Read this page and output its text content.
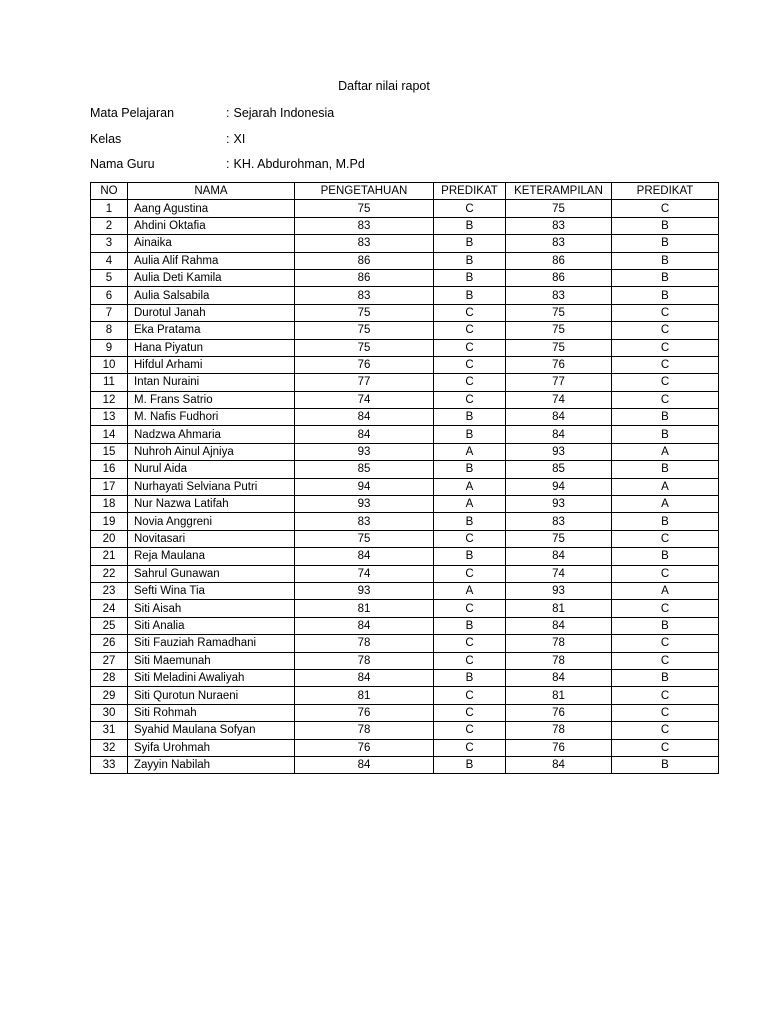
Daftar nilai rapot
Mata Pelajaran	: Sejarah Indonesia
Kelas	: XI
Nama Guru	: KH. Abdurohman, M.Pd
NO	NAMA	PENGETAHUAN	PREDIKAT	KETERAMPILAN	PREDIKAT
1	Aang Agustina	75	C	75	C
2	Ahdini Oktafia	83	B	83	B
3	Ainaika	83	B	83	B
4	Aulia Alif Rahma	86	B	86	B
5	Aulia Deti Kamila	86	B	86	B
6	Aulia Salsabila	83	B	83	B
7	Durotul Janah	75	C	75	C
8	Eka Pratama	75	C	75	C
9	Hana Piyatun	75	C	75	C
10	Hifdul Arhami	76	C	76	C
11	Intan Nuraini	77	C	77	C
12	M. Frans Satrio	74	C	74	C
13	M. Nafis Fudhori	84	B	84	B
14	Nadzwa Ahmaria	84	B	84	B
15	Nuhroh Ainul Ajniya	93	A	93	A
16	Nurul Aida	85	B	85	B
17	Nurhayati Selviana Putri	94	A	94	A
18	Nur Nazwa Latifah	93	A	93	A
19	Novia Anggreni	83	B	83	B
20	Novitasari	75	C	75	C
21	Reja Maulana	84	B	84	B
22	Sahrul Gunawan	74	C	74	C
23	Sefti Wina Tia	93	A	93	A
24	Siti Aisah	81	C	81	C
25	Siti Analia	84	B	84	B
26	Siti Fauziah Ramadhani	78	C	78	C
27	Siti Maemunah	78	C	78	C
28	Siti Meladini Awaliyah	84	B	84	B
29	Siti Qurotun Nuraeni	81	C	81	C
30	Siti Rohmah	76	C	76	C
31	Syahid Maulana Sofyan	78	C	78	C
32	Syifa Urohmah	76	C	76	C
33	Zayyin Nabilah	84	B	84	B
